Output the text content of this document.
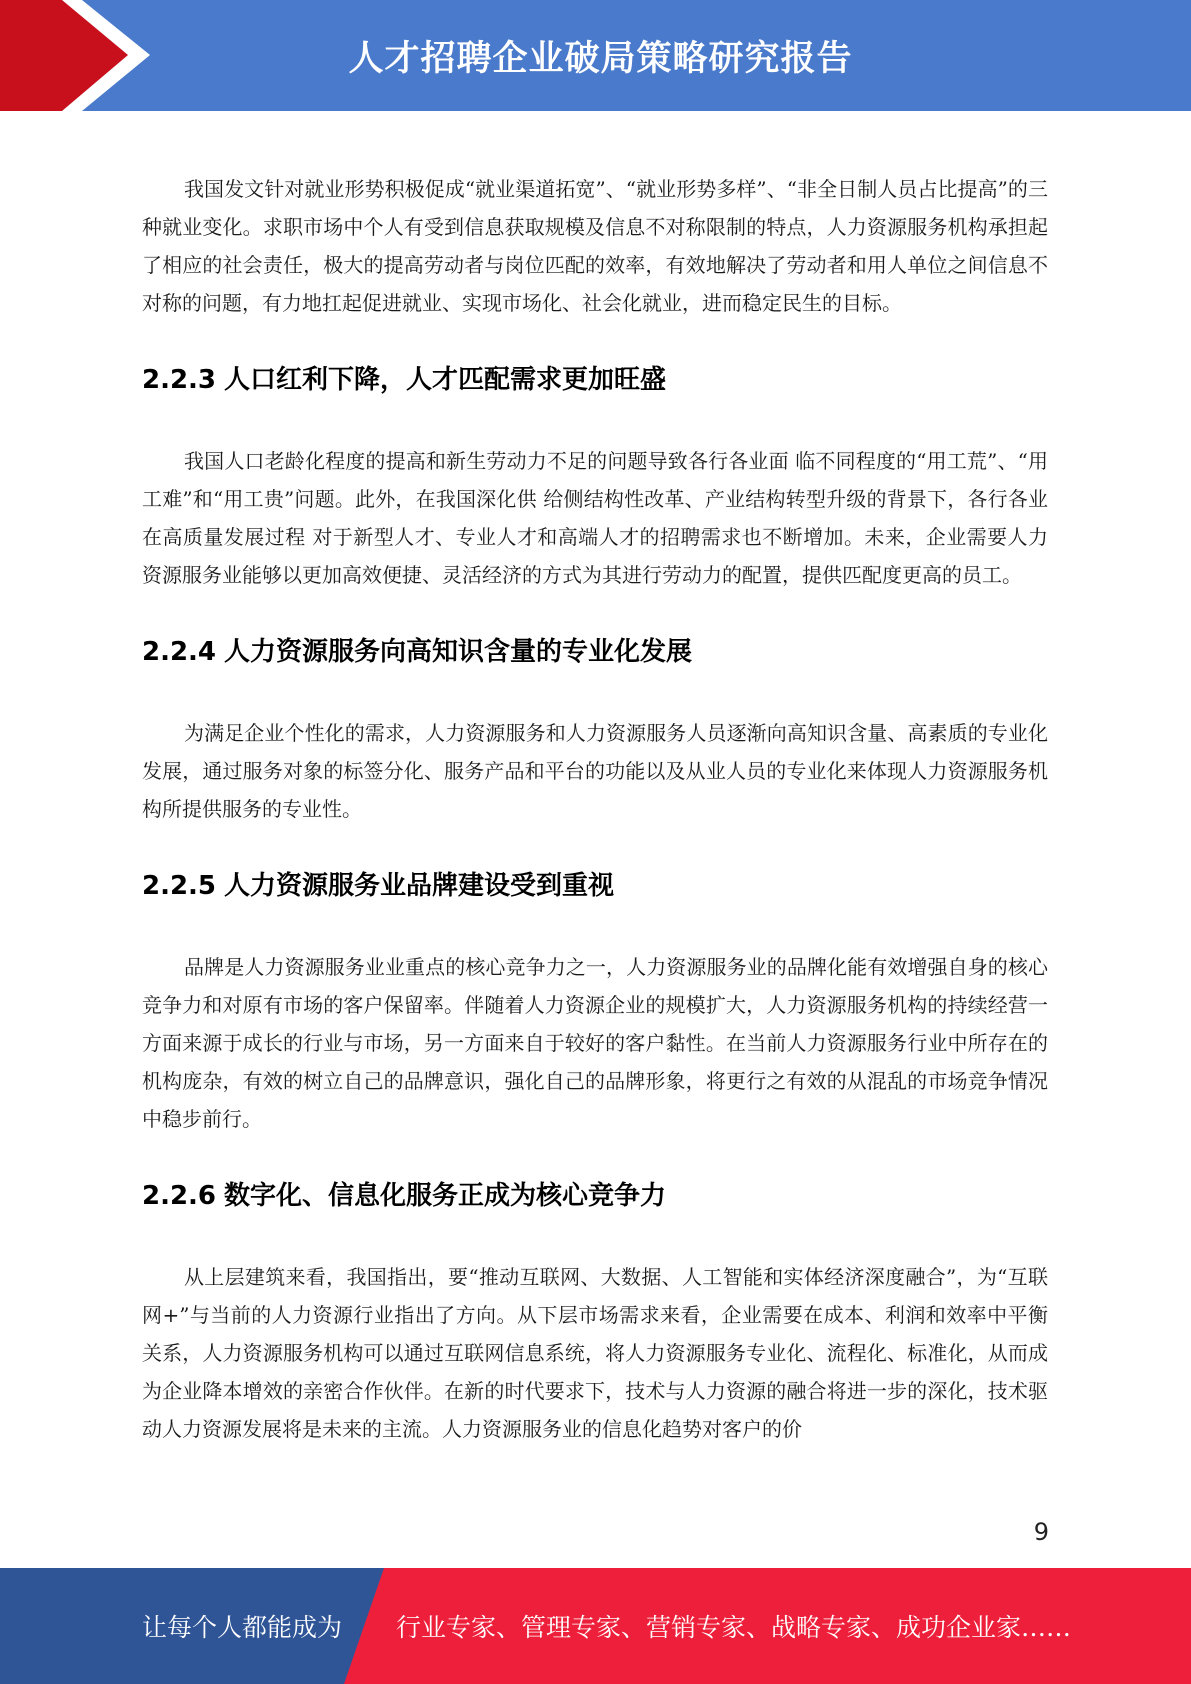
人才招聘企业破局策略研究报告

我国发文针对就业形势积极促成“就业渠道拓宽”、“就业形势多样”、“非全日制人员占比提高”的三种就业变化。求职市场中个人有受到信息获取规模及信息不对称限制的特点，人力资源服务机构承担起了相应的社会责任，极大的提高劳动者与岗位匹配的效率，有效地解决了劳动者和用人单位之间信息不对称的问题，有力地扛起促进就业、实现市场化、社会化就业，进而稳定民生的目标。

2.2.3 人口红利下降，人才匹配需求更加旺盛

我国人口老龄化程度的提高和新生劳动力不足的问题导致各行各业面 临不同程度的“用工荒”、“用工难”和“用工贵”问题。此外，在我国深化供 给侧结构性改革、产业结构转型升级的背景下，各行各业在高质量发展过程 对于新型人才、专业人才和高端人才的招聘需求也不断增加。未来，企业需要人力资源服务业能够以更加高效便捷、灵活经济的方式为其进行劳动力的配置，提供匹配度更高的员工。

2.2.4 人力资源服务向高知识含量的专业化发展

为满足企业个性化的需求，人力资源服务和人力资源服务人员逐渐向高知识含量、高素质的专业化发展，通过服务对象的标签分化、服务产品和平台的功能以及从业人员的专业化来体现人力资源服务机构所提供服务的专业性。

2.2.5 人力资源服务业品牌建设受到重视

品牌是人力资源服务业业重点的核心竞争力之一，人力资源服务业的品牌化能有效增强自身的核心竞争力和对原有市场的客户保留率。伴随着人力资源企业的规模扩大，人力资源服务机构的持续经营一方面来源于成长的行业与市场，另一方面来自于较好的客户黏性。在当前人力资源服务行业中所存在的机构庞杂，有效的树立自己的品牌意识，强化自己的品牌形象，将更行之有效的从混乱的市场竞争情况中稳步前行。

2.2.6 数字化、信息化服务正成为核心竞争力

从上层建筑来看，我国指出，要“推动互联网、大数据、人工智能和实体经济深度融合”，为“互联网+”与当前的人力资源行业指出了方向。从下层市场需求来看，企业需要在成本、利润和效率中平衡关系，人力资源服务机构可以通过互联网信息系统，将人力资源服务专业化、流程化、标准化，从而成为企业降本增效的亲密合作伙伴。在新的时代要求下，技术与人力资源的融合将进一步的深化，技术驱动人力资源发展将是未来的主流。人力资源服务业的信息化趋势对客户的价

9
让每个人都能成为 行业专家、管理专家、营销专家、战略专家、成功企业家……
